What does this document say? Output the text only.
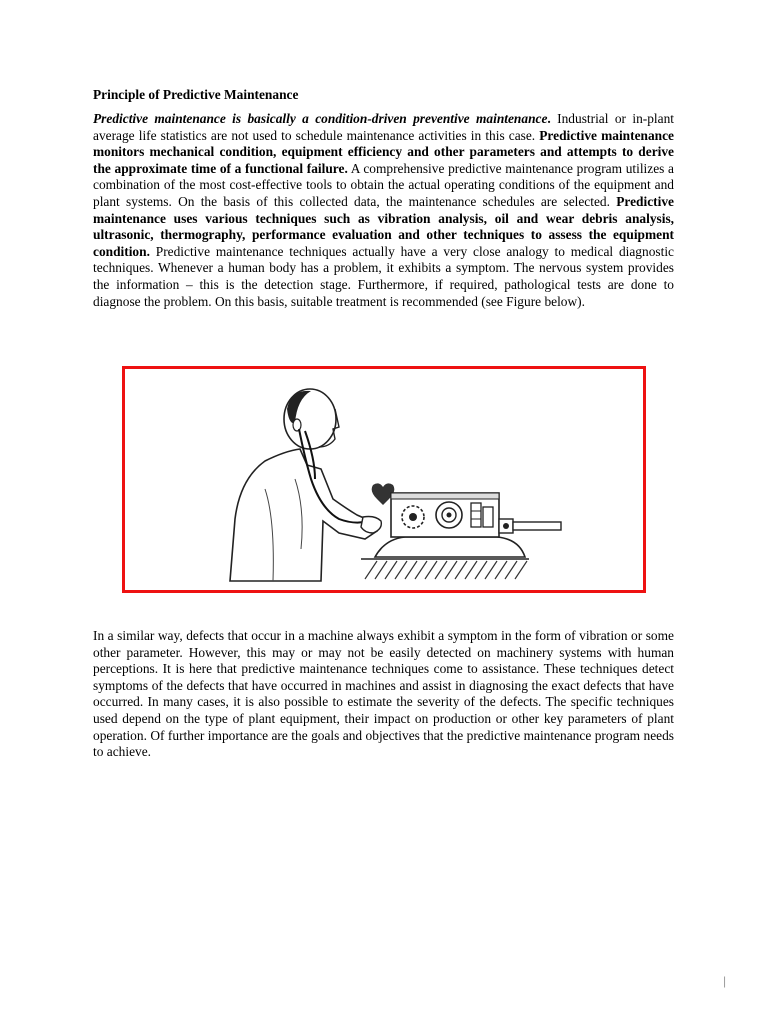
Principle of Predictive Maintenance

Predictive maintenance is basically a condition-driven preventive maintenance. Industrial or in-plant average life statistics are not used to schedule maintenance activities in this case. Predictive maintenance monitors mechanical condition, equipment efficiency and other parameters and attempts to derive the approximate time of a functional failure. A comprehensive predictive maintenance program utilizes a combination of the most cost-effective tools to obtain the actual operating conditions of the equipment and plant systems. On the basis of this collected data, the maintenance schedules are selected. Predictive maintenance uses various techniques such as vibration analysis, oil and wear debris analysis, ultrasonic, thermography, performance evaluation and other techniques to assess the equipment condition. Predictive maintenance techniques actually have a very close analogy to medical diagnostic techniques. Whenever a human body has a problem, it exhibits a symptom. The nervous system provides the information – this is the detection stage. Furthermore, if required, pathological tests are done to diagnose the problem. On this basis, suitable treatment is recommended (see Figure below).

In a similar way, defects that occur in a machine always exhibit a symptom in the form of vibration or some other parameter. However, this may or may not be easily detected on machinery systems with human perceptions. It is here that predictive maintenance techniques come to assistance. These techniques detect symptoms of the defects that have occurred in machines and assist in diagnosing the exact defects that have occurred. In many cases, it is also possible to estimate the severity of the defects. The specific techniques used depend on the type of plant equipment, their impact on production or other key parameters of plant operation. Of further importance are the goals and objectives that the predictive maintenance program needs to achieve.

|
